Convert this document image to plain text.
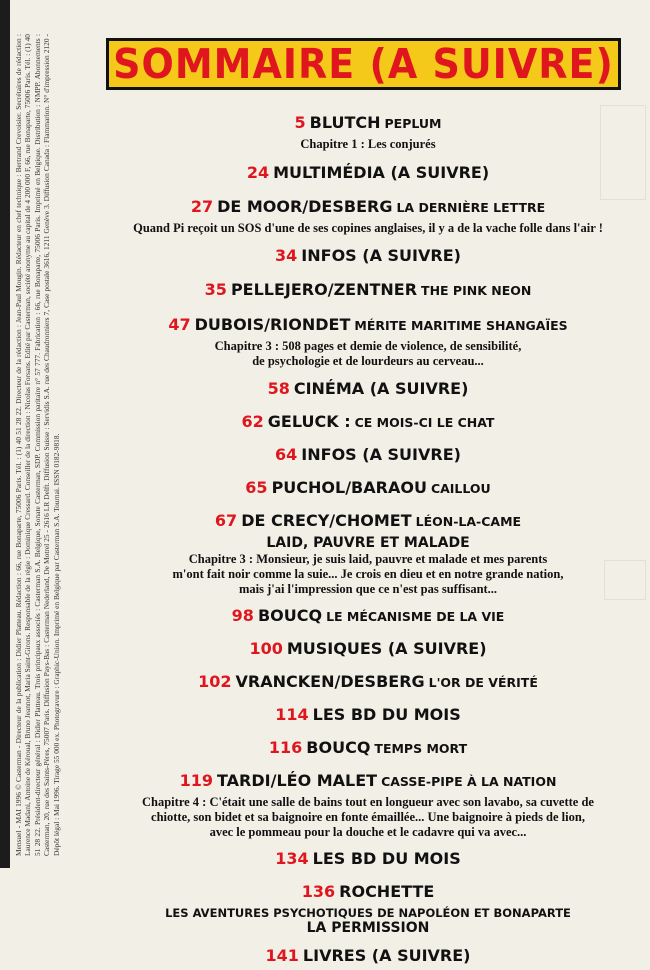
Mensuel - MAI 1996 © Casterman - Directeur de la publication : Didier Platteau. Rédaction : 66, rue Bonaparte, 75006 Paris. Tél. : (1) 40 51 28 22. Directeur de la rédaction : Jean-Paul Mougin. Rédacteur en chef technique : Bertrand Crevoisier. Secrétaires de rédaction : Laurence Madani, Antoine de Kéroual, Bruno Jeannot, Maria Saint-Girons. Responsable de la régie : Dominique Cressard. Conseiller de la direction : Nicolas Forsans. Edité par Casterman, société anonyme au capital de 4 200 000 F, 66, rue Bonaparte, 75006 Paris. Tél. : (1) 40 51 28 22. Président-directeur général : Didier Platteau. Trois principaux associés : Casterman S.A. Belgique, Sonate Casterman, SDP. Commission paritaire n° 57 777. Fabrication : 66, rue Bonaparte, 75006 Paris. Imprimé en Belgique. Distribution : NMPP. Abonnements : Casterman, 20, rue des Saints-Pères, 75007 Paris. Diffusion Pays-Bas : Casterman Nederland, De Motrel 25 - 2616 LR Delft. Diffusion Suisse : Servidis S.A. rue des Chaudronniers 7, Case postale 3616, 1211 Genève 3. Diffusion Canada : Flammarion. N° d'impression 2120 - Dépôt légal : Mai 1996. Tirage 55 000 ex. Photogravure : Graphic-Union. Imprimé en Belgique par Casterman S.A. Tournai. ISSN 0182-9818.
SOMMAIRE (A SUIVRE)
5 BLUTCH PEPLUM
Chapitre 1 : Les conjurés
24 MULTIMÉDIA (A SUIVRE)
27 DE MOOR/DESBERG LA DERNIÈRE LETTRE
Quand Pi reçoit un SOS d'une de ses copines anglaises, il y a de la vache folle dans l'air !
34 INFOS (A SUIVRE)
35 PELLEJERO/ZENTNER THE PINK NEON
47 DUBOIS/RIONDET MÉRITE MARITIME SHANGAÏES
Chapitre 3 : 508 pages et demie de violence, de sensibilité,
de psychologie et de lourdeurs au cerveau...
58 CINÉMA (A SUIVRE)
62 GELUCK : CE MOIS-CI LE CHAT
64 INFOS (A SUIVRE)
65 PUCHOL/BARAOU CAILLOU
67 DE CRECY/CHOMET LÉON-LA-CAME
LAID, PAUVRE ET MALADE
Chapitre 3 : Monsieur, je suis laid, pauvre et malade et mes parents
m'ont fait noir comme la suie... Je crois en dieu et en notre grande nation,
mais j'ai l'impression que ce n'est pas suffisant...
98 BOUCQ LE MÉCANISME DE LA VIE
100 MUSIQUES (A SUIVRE)
102 VRANCKEN/DESBERG L'OR DE VÉRITÉ
114 LES BD DU MOIS
116 BOUCQ TEMPS MORT
119 TARDI/LÉO MALET CASSE-PIPE À LA NATION
Chapitre 4 : C'était une salle de bains tout en longueur avec son lavabo, sa cuvette de
chiotte, son bidet et sa baignoire en fonte émaillée... Une baignoire à pieds de lion,
avec le pommeau pour la douche et le cadavre qui va avec...
134 LES BD DU MOIS
136 ROCHETTE
LES AVENTURES PSYCHOTIQUES DE NAPOLÉON ET BONAPARTE
LA PERMISSION
141 LIVRES (A SUIVRE)
